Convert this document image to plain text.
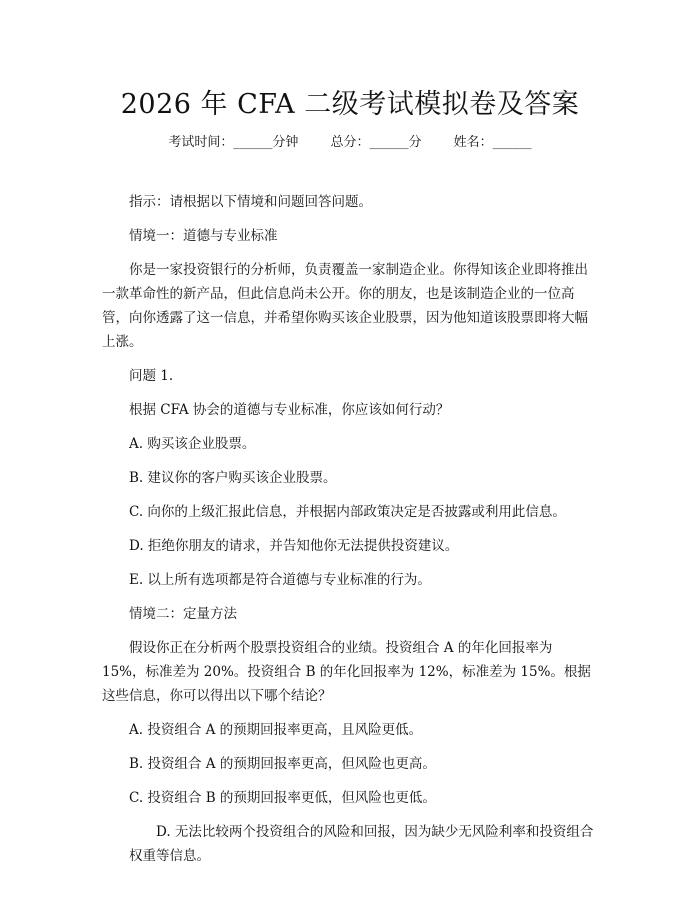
2026 年 CFA 二级考试模拟卷及答案
考试时间：______分钟 总分：______分 姓名：______
指示：请根据以下情境和问题回答问题。
情境一：道德与专业标准
你是一家投资银行的分析师，负责覆盖一家制造企业。你得知该企业即将推出一款革命性的新产品，但此信息尚未公开。你的朋友，也是该制造企业的一位高管，向你透露了这一信息，并希望你购买该企业股票，因为他知道该股票即将大幅上涨。
问题 1.
根据 CFA 协会的道德与专业标准，你应该如何行动？
A. 购买该企业股票。
B. 建议你的客户购买该企业股票。
C. 向你的上级汇报此信息，并根据内部政策决定是否披露或利用此信息。
D. 拒绝你朋友的请求，并告知他你无法提供投资建议。
E. 以上所有选项都是符合道德与专业标准的行为。
情境二：定量方法
假设你正在分析两个股票投资组合的业绩。投资组合 A 的年化回报率为 15%，标准差为 20%。投资组合 B 的年化回报率为 12%，标准差为 15%。根据这些信息，你可以得出以下哪个结论？
A. 投资组合 A 的预期回报率更高，且风险更低。
B. 投资组合 A 的预期回报率更高，但风险也更高。
C. 投资组合 B 的预期回报率更低，但风险也更低。
D. 无法比较两个投资组合的风险和回报，因为缺少无风险利率和投资组合权重等信息。
